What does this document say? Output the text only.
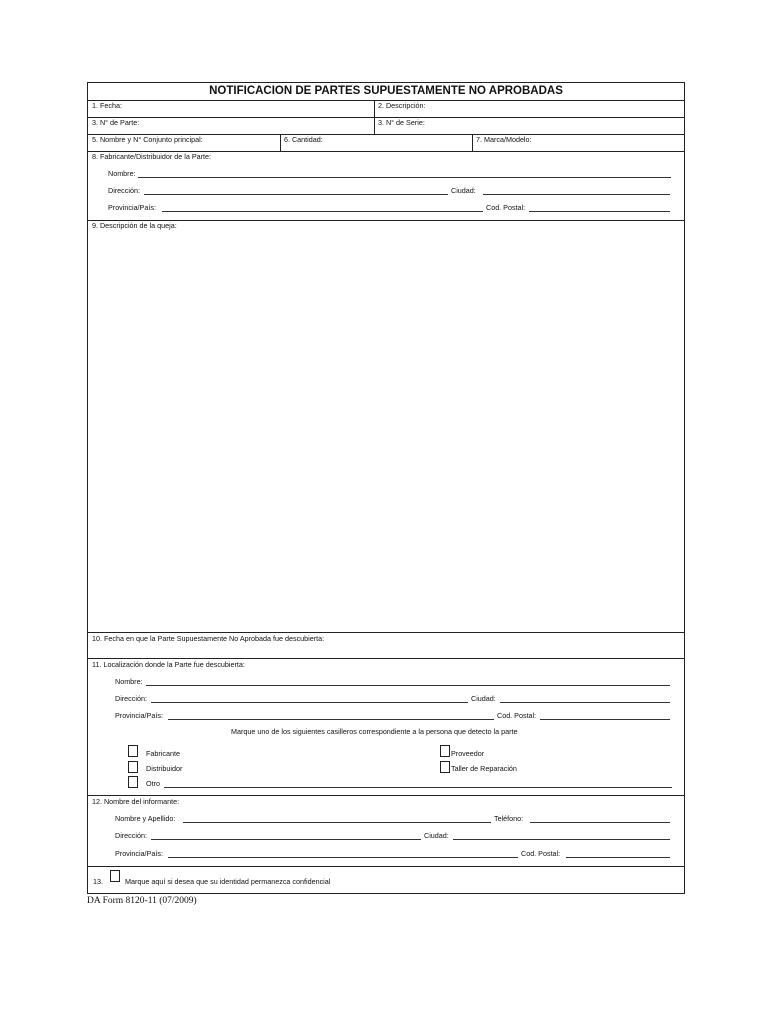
NOTIFICACION DE PARTES SUPUESTAMENTE NO APROBADAS
1. Fecha:	2. Descripción:
3. N° de Parte:	3. N° de Serie:
5. Nombre y N° Conjunto principal:	6. Cantidad:	7. Marca/Modelo:
8. Fabricante/Distribuidor de la Parte:
Nombre:
Dirección:	Ciudad:
Provincia/País:	Cod. Postal:
9. Descripción de la queja:
10. Fecha en que la Parte Supuestamente No Aprobada fue descubierta:
11. Localización donde la Parte fue descubierta:
Nombre:
Dirección:	Ciudad:
Provincia/País:	Cod. Postal:
Marque uno de los siguientes casilleros correspondiente a la persona que detecto la parte
Fabricante
Distribuidor
Otro
Proveedor
Taller de Reparación
12. Nombre del informante:
Nombre y Apellido:	Teléfono:
Dirección:	Ciudad:
Provincia/País:	Cod. Postal:
13.	Marque aquí si desea que su identidad permanezca confidencial
DA Form 8120-11 (07/2009)
